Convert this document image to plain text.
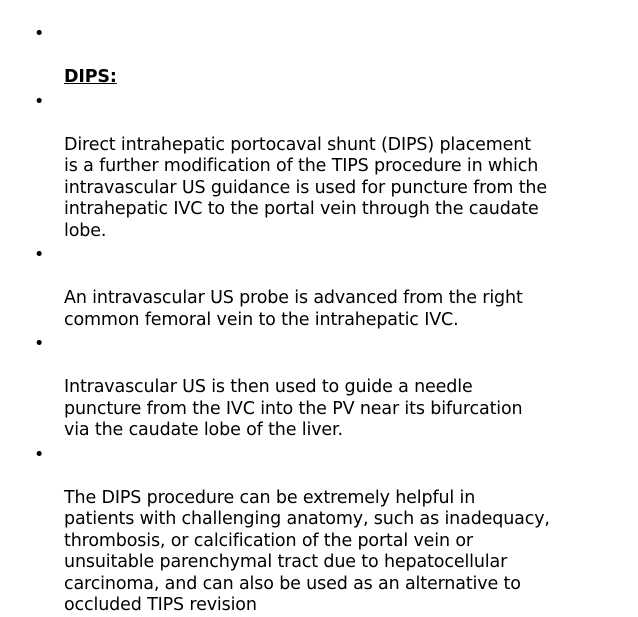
•

DIPS:

•

Direct intrahepatic portocaval shunt (DIPS) placement
is a further modification of the TIPS procedure in which
intravascular US guidance is used for puncture from the
intrahepatic IVC to the portal vein through the caudate
lobe.

•

An intravascular US probe is advanced from the right
common femoral vein to the intrahepatic IVC.

•

Intravascular US is then used to guide a needle
puncture from the IVC into the PV near its bifurcation
via the caudate lobe of the liver.

•

The DIPS procedure can be extremely helpful in
patients with challenging anatomy, such as inadequacy,
thrombosis, or calcification of the portal vein or
unsuitable parenchymal tract due to hepatocellular
carcinoma, and can also be used as an alternative to
occluded TIPS revision
